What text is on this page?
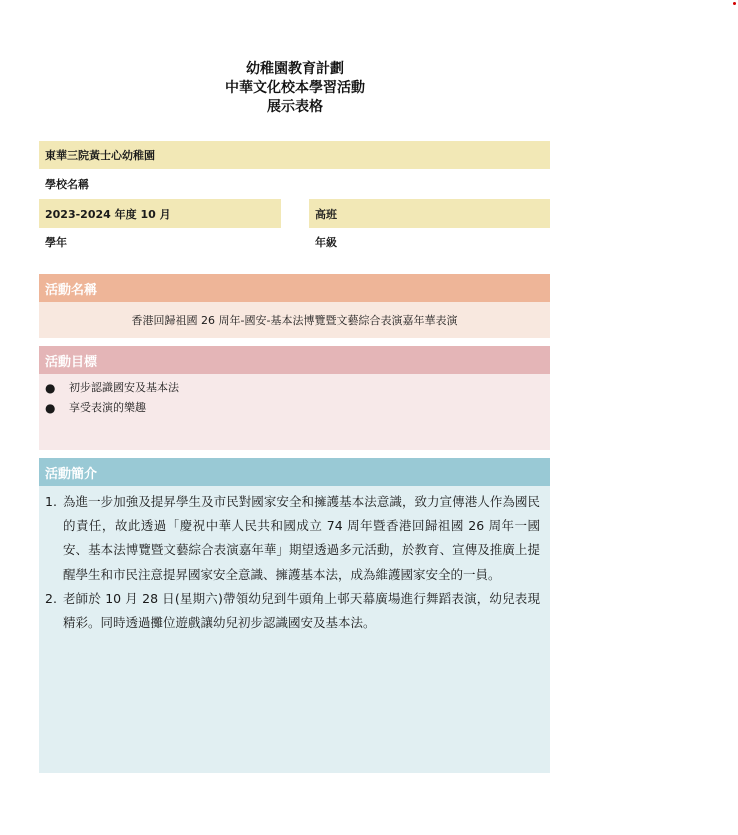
幼稚園教育計劃
中華文化校本學習活動
展示表格
東華三院黃士心幼稚園
學校名稱
2023-2024 年度 10 月
學年
高班
年級
活動名稱
香港回歸祖國 26 周年-國安-基本法博覽暨文藝綜合表演嘉年華表演
活動目標
●	初步認識國安及基本法
●	享受表演的樂趣
活動簡介
1. 為進一步加強及提昇學生及市民對國家安全和擁護基本法意識，致力宣傳港人作為國民的責任，故此透過「慶祝中華人民共和國成立 74 周年暨香港回歸祖國 26 周年一國安、基本法博覽暨文藝綜合表演嘉年華」期望透過多元活動，於教育、宣傳及推廣上提醒學生和市民注意提昇國家安全意識、擁護基本法，成為維護國家安全的一員。
2. 老師於 10 月 28 日(星期六)帶領幼兒到牛頭角上邨天幕廣場進行舞蹈表演，幼兒表現精彩。同時透過攤位遊戲讓幼兒初步認識國安及基本法。
